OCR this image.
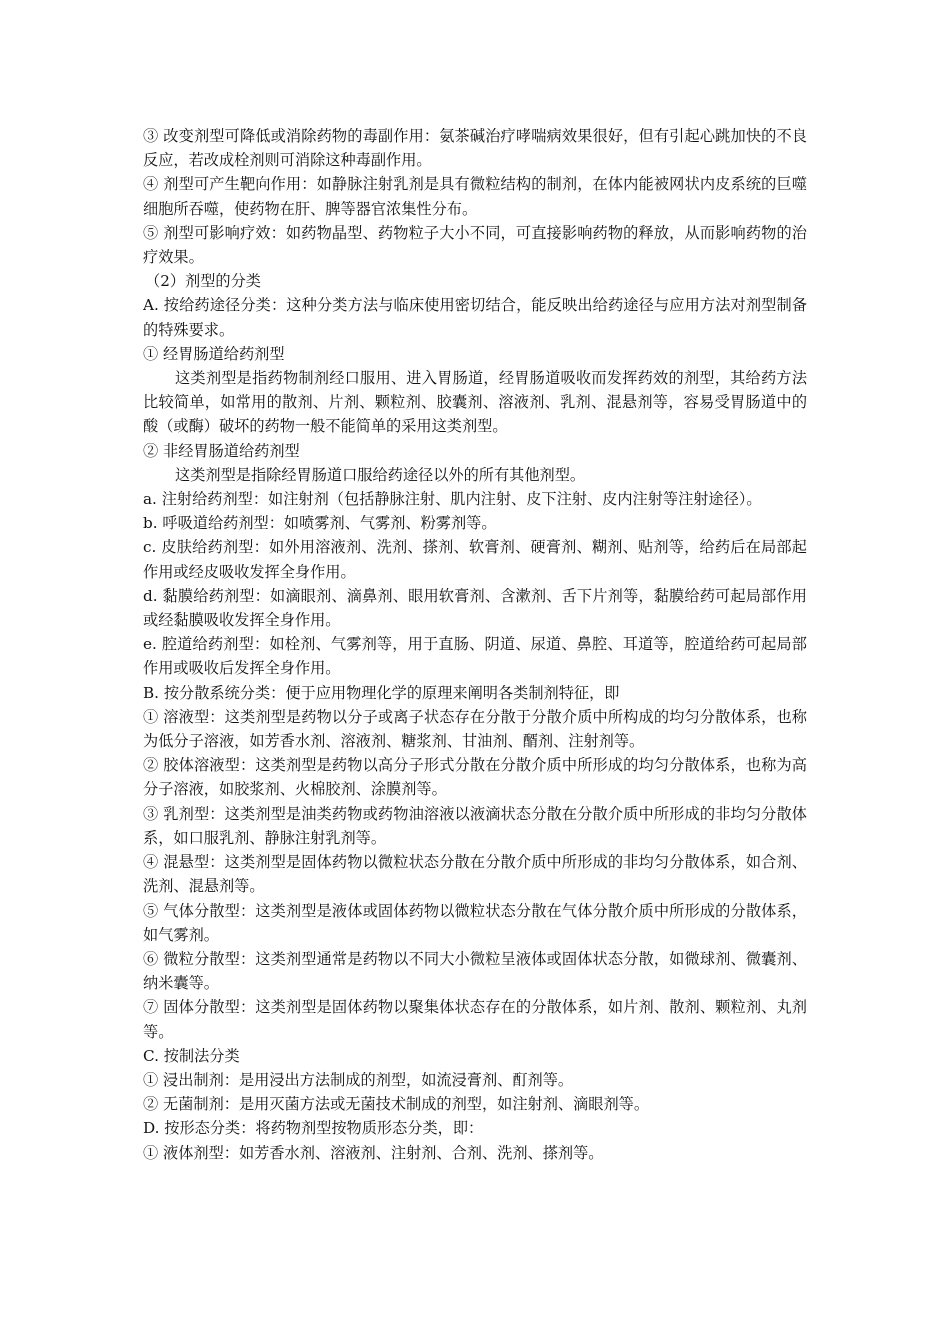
③ 改变剂型可降低或消除药物的毒副作用：氨茶碱治疗哮喘病效果很好，但有引起心跳加快的不良反应，若改成栓剂则可消除这种毒副作用。

④ 剂型可产生靶向作用：如静脉注射乳剂是具有微粒结构的制剂，在体内能被网状内皮系统的巨噬细胞所吞噬，使药物在肝、脾等器官浓集性分布。

⑤ 剂型可影响疗效：如药物晶型、药物粒子大小不同，可直接影响药物的释放，从而影响药物的治疗效果。

（2）剂型的分类

A. 按给药途径分类：这种分类方法与临床使用密切结合，能反映出给药途径与应用方法对剂型制备的特殊要求。

① 经胃肠道给药剂型

这类剂型是指药物制剂经口服用、进入胃肠道，经胃肠道吸收而发挥药效的剂型，其给药方法比较简单，如常用的散剂、片剂、颗粒剂、胶囊剂、溶液剂、乳剂、混悬剂等，容易受胃肠道中的酸（或酶）破坏的药物一般不能简单的采用这类剂型。

② 非经胃肠道给药剂型

这类剂型是指除经胃肠道口服给药途径以外的所有其他剂型。

a. 注射给药剂型：如注射剂（包括静脉注射、肌内注射、皮下注射、皮内注射等注射途径）。

b. 呼吸道给药剂型：如喷雾剂、气雾剂、粉雾剂等。

c. 皮肤给药剂型：如外用溶液剂、洗剂、搽剂、软膏剂、硬膏剂、糊剂、贴剂等，给药后在局部起作用或经皮吸收发挥全身作用。

d. 黏膜给药剂型：如滴眼剂、滴鼻剂、眼用软膏剂、含漱剂、舌下片剂等，黏膜给药可起局部作用或经黏膜吸收发挥全身作用。

e. 腔道给药剂型：如栓剂、气雾剂等，用于直肠、阴道、尿道、鼻腔、耳道等，腔道给药可起局部作用或吸收后发挥全身作用。

B. 按分散系统分类：便于应用物理化学的原理来阐明各类制剂特征，即

① 溶液型：这类剂型是药物以分子或离子状态存在分散于分散介质中所构成的均匀分散体系，也称为低分子溶液，如芳香水剂、溶液剂、糖浆剂、甘油剂、醑剂、注射剂等。

② 胶体溶液型：这类剂型是药物以高分子形式分散在分散介质中所形成的均匀分散体系，也称为高分子溶液，如胶浆剂、火棉胶剂、涂膜剂等。

③ 乳剂型：这类剂型是油类药物或药物油溶液以液滴状态分散在分散介质中所形成的非均匀分散体系，如口服乳剂、静脉注射乳剂等。

④ 混悬型：这类剂型是固体药物以微粒状态分散在分散介质中所形成的非均匀分散体系，如合剂、洗剂、混悬剂等。

⑤ 气体分散型：这类剂型是液体或固体药物以微粒状态分散在气体分散介质中所形成的分散体系，如气雾剂。

⑥ 微粒分散型：这类剂型通常是药物以不同大小微粒呈液体或固体状态分散，如微球剂、微囊剂、纳米囊等。

⑦ 固体分散型：这类剂型是固体药物以聚集体状态存在的分散体系，如片剂、散剂、颗粒剂、丸剂等。

C. 按制法分类

① 浸出制剂：是用浸出方法制成的剂型，如流浸膏剂、酊剂等。

② 无菌制剂：是用灭菌方法或无菌技术制成的剂型，如注射剂、滴眼剂等。

D. 按形态分类：将药物剂型按物质形态分类，即：

① 液体剂型：如芳香水剂、溶液剂、注射剂、合剂、洗剂、搽剂等。
